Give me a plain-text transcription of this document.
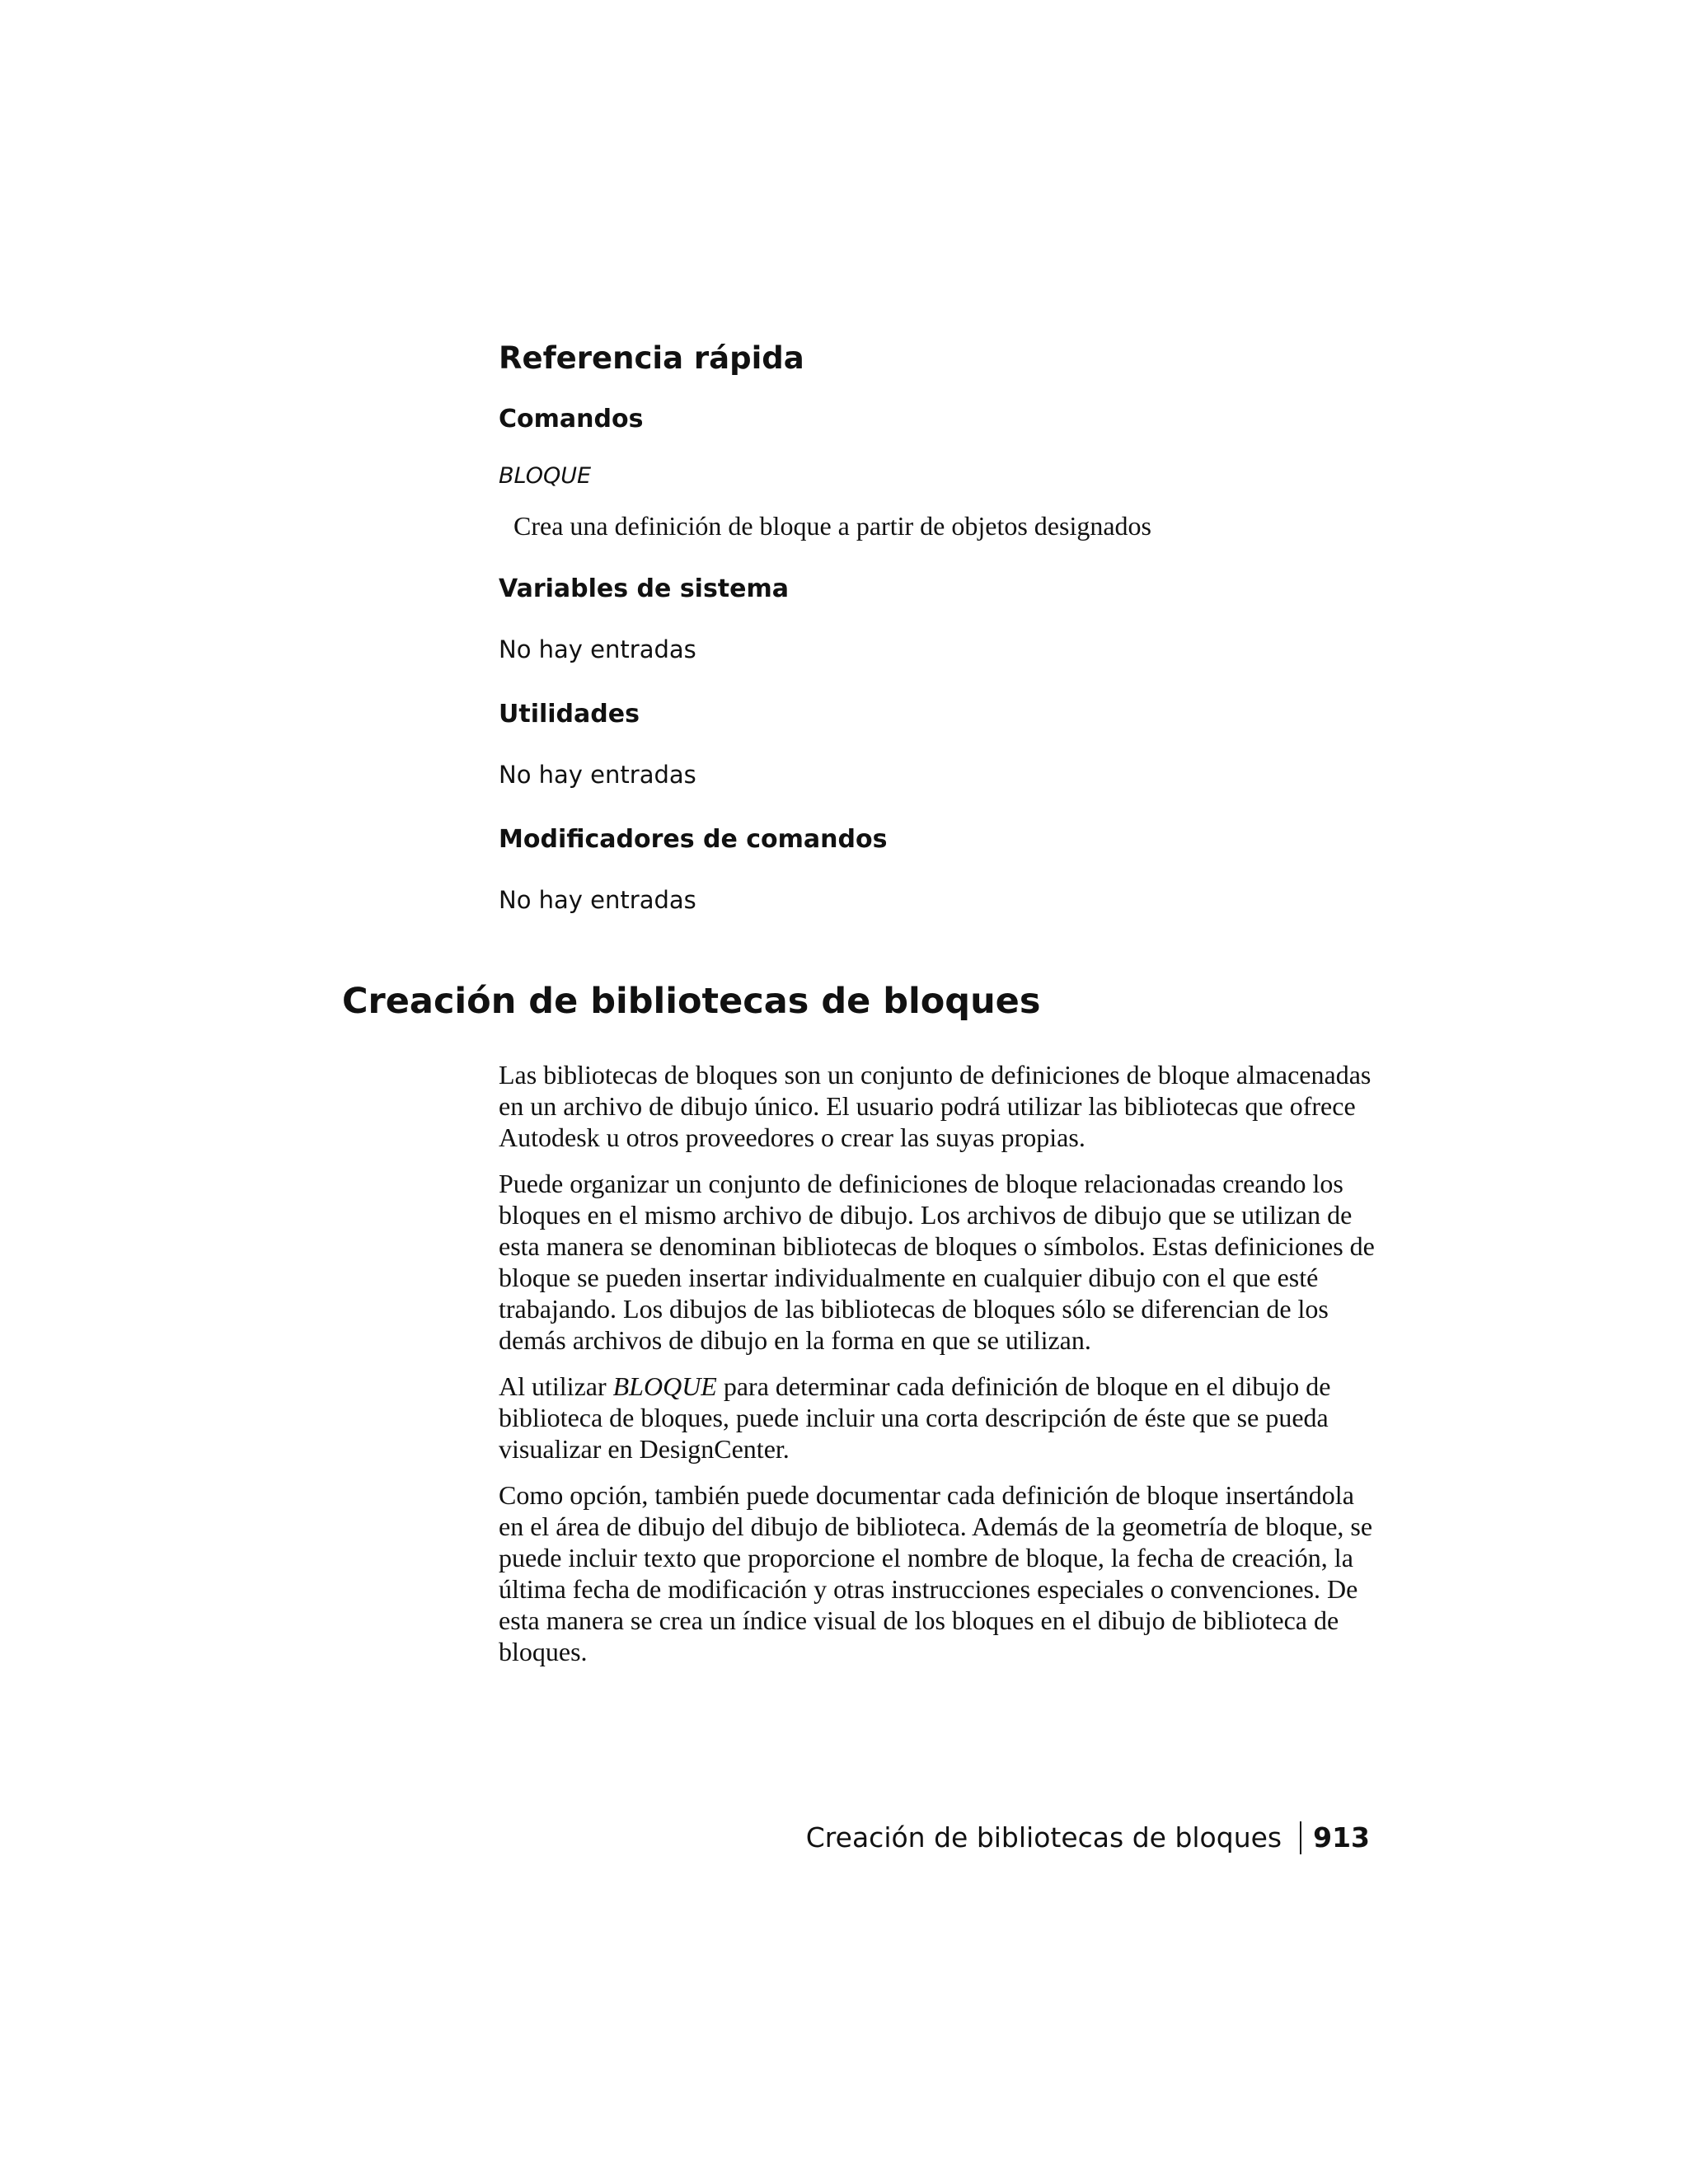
Referencia rápida
Comandos

BLOQUE

Crea una definición de bloque a partir de objetos designados

Variables de sistema

No hay entradas

Utilidades

No hay entradas

Modificadores de comandos

No hay entradas

Creación de bibliotecas de bloques

Las bibliotecas de bloques son un conjunto de definiciones de bloque almacenadas en un archivo de dibujo único. El usuario podrá utilizar las bibliotecas que ofrece Autodesk u otros proveedores o crear las suyas propias.

Puede organizar un conjunto de definiciones de bloque relacionadas creando los bloques en el mismo archivo de dibujo. Los archivos de dibujo que se utilizan de esta manera se denominan bibliotecas de bloques o símbolos. Estas definiciones de bloque se pueden insertar individualmente en cualquier dibujo con el que esté trabajando. Los dibujos de las bibliotecas de bloques sólo se diferencian de los demás archivos de dibujo en la forma en que se utilizan.

Al utilizar BLOQUE para determinar cada definición de bloque en el dibujo de biblioteca de bloques, puede incluir una corta descripción de éste que se pueda visualizar en DesignCenter.

Como opción, también puede documentar cada definición de bloque insertándola en el área de dibujo del dibujo de biblioteca. Además de la geometría de bloque, se puede incluir texto que proporcione el nombre de bloque, la fecha de creación, la última fecha de modificación y otras instrucciones especiales o convenciones. De esta manera se crea un índice visual de los bloques en el dibujo de biblioteca de bloques.

Creación de bibliotecas de bloques 913
